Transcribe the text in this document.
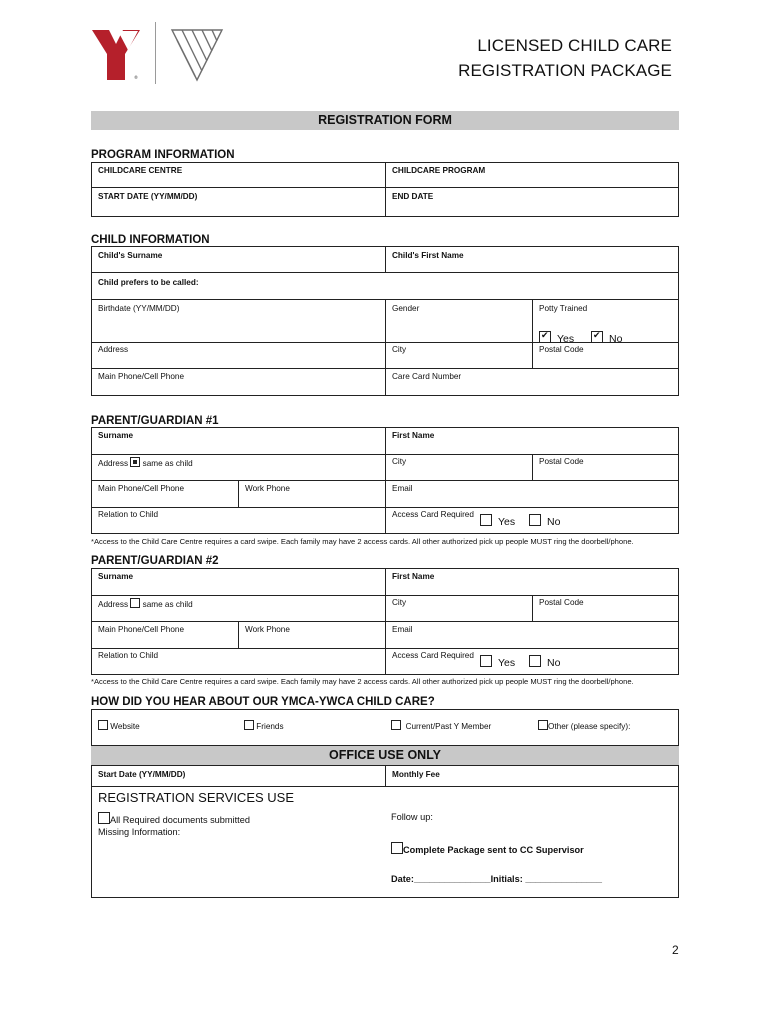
®
LICENSED CHILD CARE
REGISTRATION PACKAGE
REGISTRATION FORM
PROGRAM INFORMATION
CHILDCARE CENTRE	CHILDCARE PROGRAM
START DATE (YY/MM/DD)	END DATE
CHILD INFORMATION
Child's Surname	Child's First Name
Child prefers to be called:
Birthdate (YY/MM/DD)	Gender	Potty Trained
✔Yes
✔	No
Address	City	Postal Code
Main Phone/Cell Phone	Care Card Number
PARENT/GUARDIAN #1
Surname	First Name
Address same as child	City	Postal Code
Main Phone/Cell Phone	Work Phone	Email
Relation to Child	Access Card Required
Yes	No
*Access to the Child Care Centre requires a card swipe. Each family may have 2 access cards. All other authorized pick up people MUST ring the doorbell/phone.
PARENT/GUARDIAN #2
Surname	First Name
Address same as child	City	Postal Code
Main Phone/Cell Phone	Work Phone	Email
Relation to Child	Access Card Required
Yes	No
*Access to the Child Care Centre requires a card swipe. Each family may have 2 access cards. All other authorized pick up people MUST ring the doorbell/phone.
HOW DID YOU HEAR ABOUT OUR YMCA-YWCA CHILD CARE?
Website	Friends	Current/Past Y Member	Other (please specify):
OFFICE USE ONLY
Start Date (YY/MM/DD)	Monthly Fee
REGISTRATION SERVICES USE
All Required documents submitted
Missing Information:
Follow up:
Complete Package sent to CC Supervisor
Date:_______________Initials: _______________
2
